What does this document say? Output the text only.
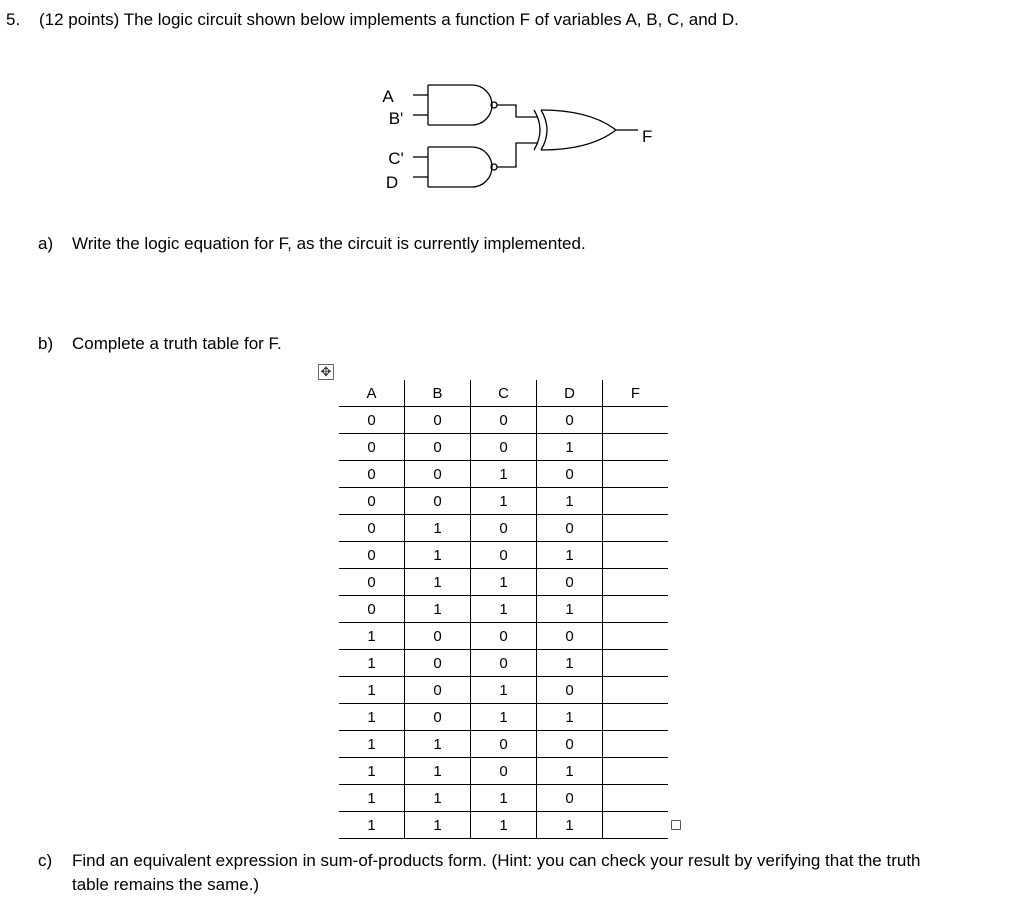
5. (12 points) The logic circuit shown below implements a function F of variables A, B, C, and D.
A
B'
C'
D
F
a) Write the logic equation for F, as the circuit is currently implemented.
b) Complete a truth table for F.
✥
A	B	C	D	F
0	0	0	0	
0	0	0	1	
0	0	1	0	
0	0	1	1	
0	1	0	0	
0	1	0	1	
0	1	1	0	
0	1	1	1	
1	0	0	0	
1	0	0	1	
1	0	1	0	
1	0	1	1	
1	1	0	0	
1	1	0	1	
1	1	1	0	
1	1	1	1	
c) Find an equivalent expression in sum-of-products form. (Hint: you can check your result by verifying that the truth
table remains the same.)
